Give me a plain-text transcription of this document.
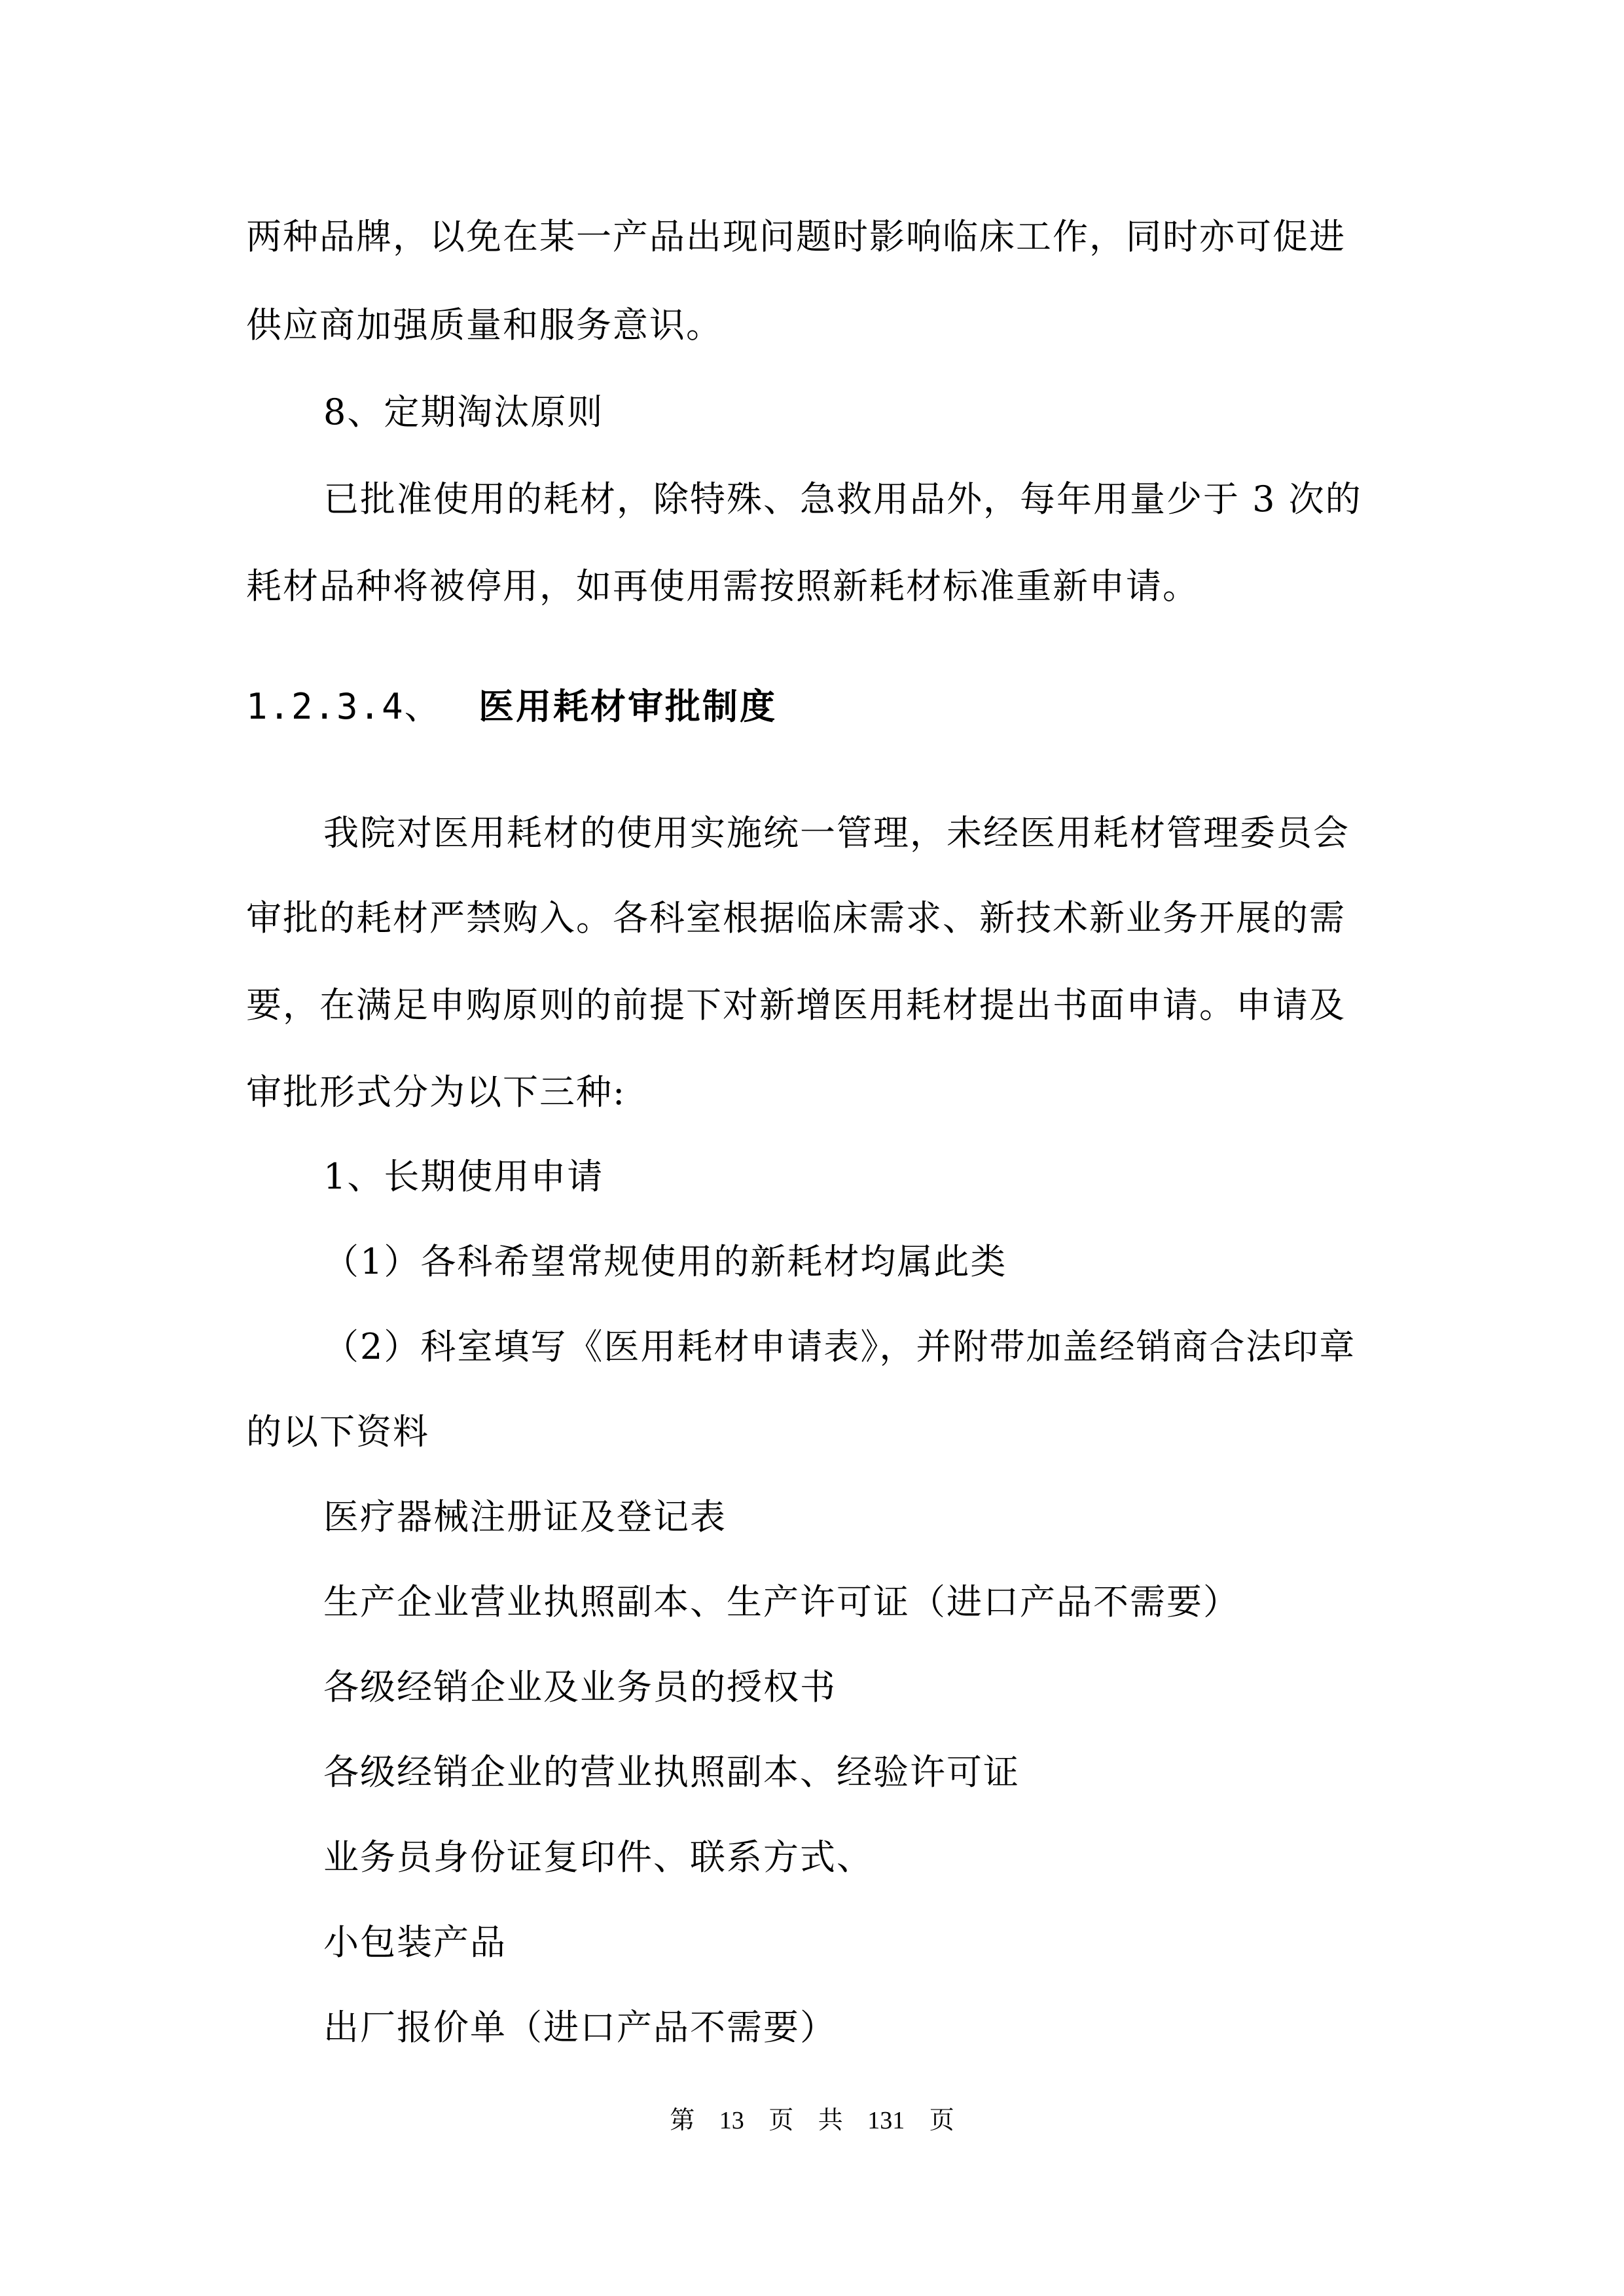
两种品牌，以免在某一产品出现问题时影响临床工作，同时亦可促进
供应商加强质量和服务意识。
8、定期淘汰原则
已批准使用的耗材，除特殊、急救用品外，每年用量少于 3 次的
耗材品种将被停用，如再使用需按照新耗材标准重新申请。
1.2.3.4、 医用耗材审批制度
我院对医用耗材的使用实施统一管理，未经医用耗材管理委员会
审批的耗材严禁购入。各科室根据临床需求、新技术新业务开展的需
要，在满足申购原则的前提下对新增医用耗材提出书面申请。申请及
审批形式分为以下三种:
1、长期使用申请
（1）各科希望常规使用的新耗材均属此类
（2）科室填写《医用耗材申请表》，并附带加盖经销商合法印章
的以下资料
医疗器械注册证及登记表
生产企业营业执照副本、生产许可证（进口产品不需要）
各级经销企业及业务员的授权书
各级经销企业的营业执照副本、经验许可证
业务员身份证复印件、联系方式、
小包装产品
出厂报价单（进口产品不需要）
第 13 页 共 131 页
